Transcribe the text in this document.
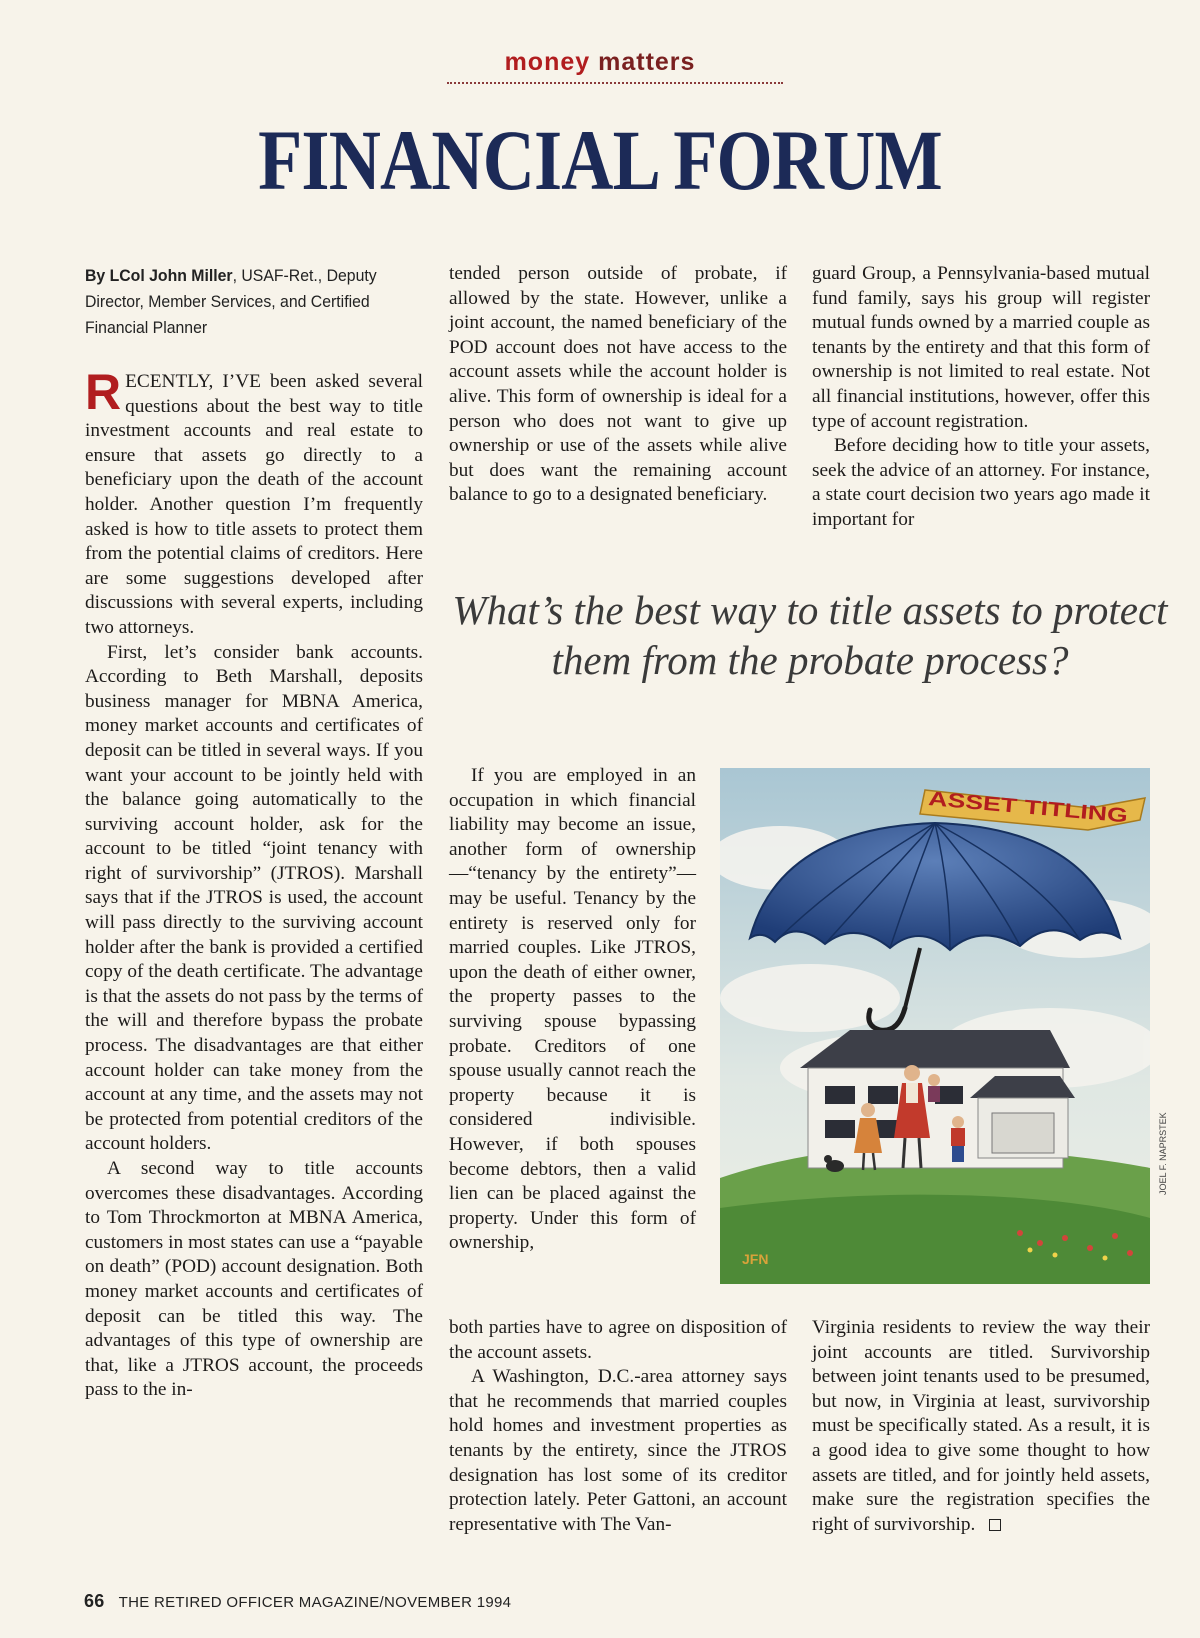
money matters
FINANCIAL FORUM
By LCol John Miller, USAF-Ret., Deputy Director, Member Services, and Certified Financial Planner

RECENTLY, I’VE been asked several questions about the best way to title investment accounts and real estate to ensure that assets go directly to a beneficiary upon the death of the account holder. Another question I’m frequently asked is how to title assets to protect them from the potential claims of creditors. Here are some suggestions developed after discussions with several experts, including two attorneys.

First, let’s consider bank accounts. According to Beth Marshall, deposits business manager for MBNA America, money market accounts and certificates of deposit can be titled in several ways. If you want your account to be jointly held with the balance going automatically to the surviving account holder, ask for the account to be titled “joint tenancy with right of survivorship” (JTROS). Marshall says that if the JTROS is used, the account will pass directly to the surviving account holder after the bank is provided a certified copy of the death certificate. The advantage is that the assets do not pass by the terms of the will and therefore bypass the probate process. The disadvantages are that either account holder can take money from the account at any time, and the assets may not be protected from potential creditors of the account holders.

A second way to title accounts overcomes these disadvantages. According to Tom Throckmorton at MBNA America, customers in most states can use a “payable on death” (POD) account designation. Both money market accounts and certificates of deposit can be titled this way. The advantages of this type of ownership are that, like a JTROS account, the proceeds pass to the in-

tended person outside of probate, if allowed by the state. However, unlike a joint account, the named beneficiary of the POD account does not have access to the account assets while the account holder is alive. This form of ownership is ideal for a person who does not want to give up ownership or use of the assets while alive but does want the remaining account balance to go to a designated beneficiary.

guard Group, a Pennsylvania-based mutual fund family, says his group will register mutual funds owned by a married couple as tenants by the entirety and that this form of ownership is not limited to real estate. Not all financial institutions, however, offer this type of account registration.

Before deciding how to title your assets, seek the advice of an attorney. For instance, a state court decision two years ago made it important for

What’s the best way to title assets to protect them from the probate process?

If you are employed in an occupation in which financial liability may become an issue, another form of ownership—“tenancy by the entirety”—may be useful. Tenancy by the entirety is reserved only for married couples. Like JTROS, upon the death of either owner, the property passes to the surviving spouse bypassing probate. Creditors of one spouse usually cannot reach the property because it is considered indivisible. However, if both spouses become debtors, then a valid lien can be placed against the property. Under this form of ownership,

both parties have to agree on disposition of the account assets.

A Washington, D.C.-area attorney says that he recommends that married couples hold homes and investment properties as tenants by the entirety, since the JTROS designation has lost some of its creditor protection lately. Peter Gattoni, an account representative with The Van-

Virginia residents to review the way their joint accounts are titled. Survivorship between joint tenants used to be presumed, but now, in Virginia at least, survivorship must be specifically stated. As a result, it is a good idea to give some thought to how assets are titled, and for jointly held assets, make sure the registration specifies the right of survivorship.

ASSET TITLING
JFN
JOEL F. NAPRSTEK
66 THE RETIRED OFFICER MAGAZINE/NOVEMBER 1994
